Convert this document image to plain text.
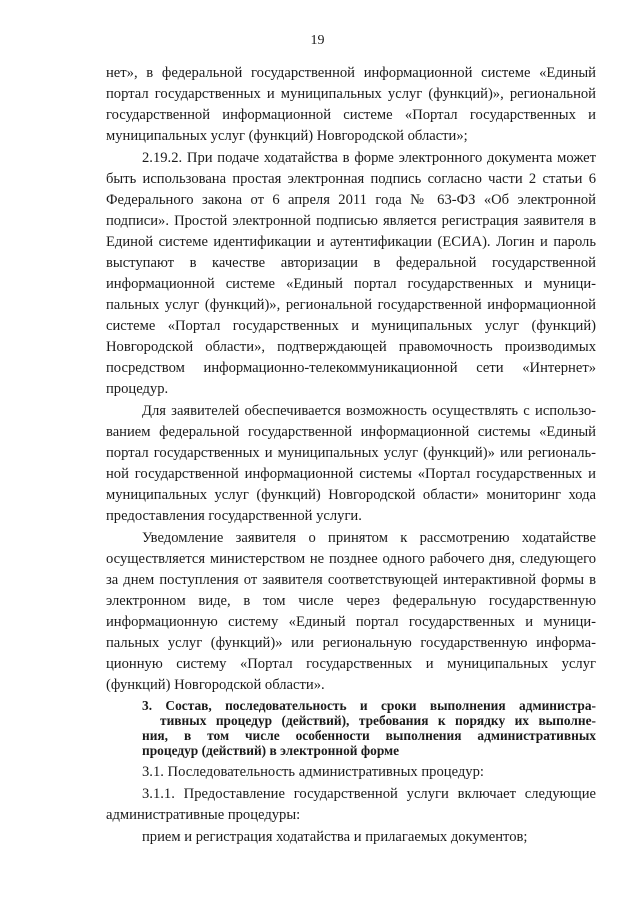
19
нет», в федеральной государственной информационной системе «Единый
портал государственных и муниципальных услуг (функций)», региональной
государственной информационной системе «Портал государственных и
муниципальных услуг (функций) Новгородской области»;
2.19.2. При подаче ходатайства в форме электронного документа может
быть использована простая электронная подпись согласно части 2 статьи 6
Федерального закона от 6 апреля 2011 года № 63-ФЗ «Об электронной
подписи». Простой электронной подписью является регистрация заявителя в
Единой системе идентификации и аутентификации (ЕСИА). Логин и пароль
выступают в качестве авторизации в федеральной государственной
информационной системе «Единый портал государственных и муници-
пальных услуг (функций)», региональной государственной информационной
системе «Портал государственных и муниципальных услуг (функций)
Новгородской области», подтверждающей правомочность производимых
посредством информационно-телекоммуникационной сети «Интернет»
процедур.
Для заявителей обеспечивается возможность осуществлять с использо-
ванием федеральной государственной информационной системы «Единый
портал государственных и муниципальных услуг (функций)» или региональ-
ной государственной информационной системы «Портал государственных и
муниципальных услуг (функций) Новгородской области» мониторинг хода
предоставления государственной услуги.
Уведомление заявителя о принятом к рассмотрению ходатайстве
осуществляется министерством не позднее одного рабочего дня, следующего
за днем поступления от заявителя соответствующей интерактивной формы в
электронном виде, в том числе через федеральную государственную
информационную систему «Единый портал государственных и муници-
пальных услуг (функций)» или региональную государственную информа-
ционную систему «Портал государственных и муниципальных услуг
(функций) Новгородской области».
3. Состав, последовательность и сроки выполнения администра-
тивных процедур (действий), требования к порядку их выполне-
ния, в том числе особенности выполнения административных
процедур (действий) в электронной форме
3.1. Последовательность административных процедур:
3.1.1. Предоставление государственной услуги включает следующие
административные процедуры:
прием и регистрация ходатайства и прилагаемых документов;
